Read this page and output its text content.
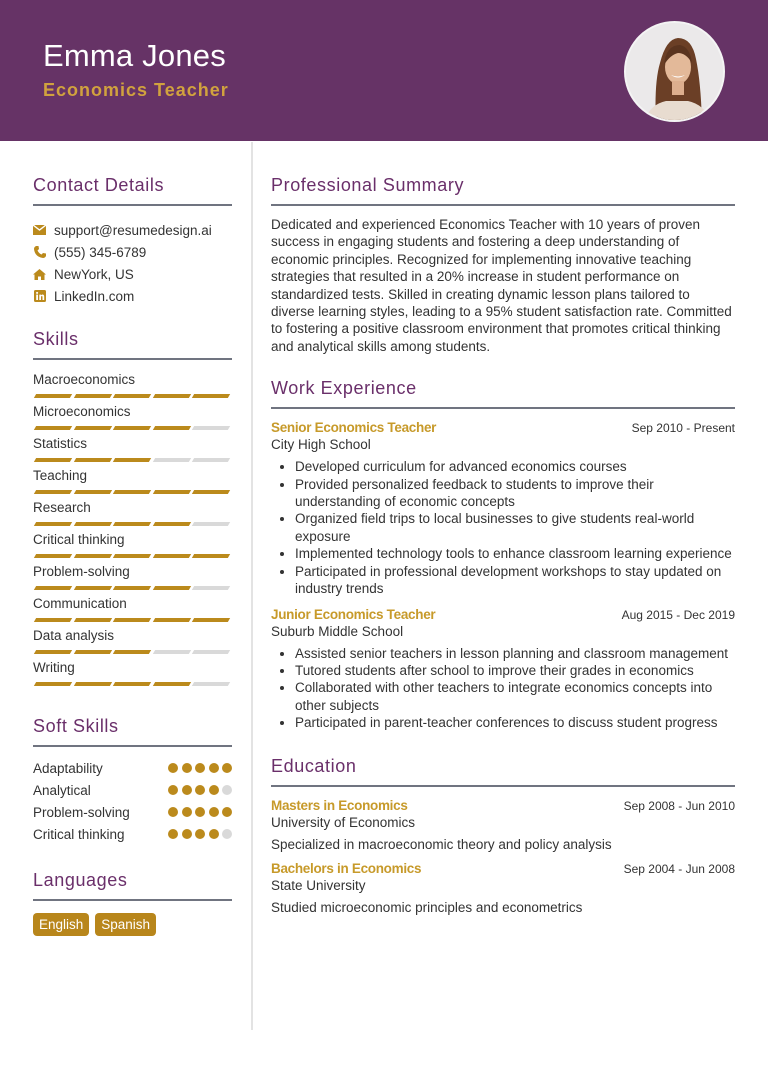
Emma Jones
Economics Teacher
Contact Details
support@resumedesign.ai
(555) 345-6789
NewYork, US
LinkedIn.com
Skills
Macroeconomics
Microeconomics
Statistics
Teaching
Research
Critical thinking
Problem-solving
Communication
Data analysis
Writing
Soft Skills
Adaptability
Analytical
Problem-solving
Critical thinking
Languages
English	Spanish
Professional Summary

Dedicated and experienced Economics Teacher with 10 years of proven success in engaging students and fostering a deep understanding of economic principles. Recognized for implementing innovative teaching strategies that resulted in a 20% increase in student performance on standardized tests. Skilled in creating dynamic lesson plans tailored to diverse learning styles, leading to a 95% student satisfaction rate. Committed to fostering a positive classroom environment that promotes critical thinking and analytical skills among students.

Work Experience
Senior Economics Teacher	Sep 2010 - Present
City High School
• Developed curriculum for advanced economics courses
• Provided personalized feedback to students to improve their understanding of economic concepts
• Organized field trips to local businesses to give students real-world exposure
• Implemented technology tools to enhance classroom learning experience
• Participated in professional development workshops to stay updated on industry trends
Junior Economics Teacher	Aug 2015 - Dec 2019
Suburb Middle School
• Assisted senior teachers in lesson planning and classroom management
• Tutored students after school to improve their grades in economics
• Collaborated with other teachers to integrate economics concepts into other subjects
• Participated in parent-teacher conferences to discuss student progress
Education
Masters in Economics	Sep 2008 - Jun 2010
University of Economics
Specialized in macroeconomic theory and policy analysis
Bachelors in Economics	Sep 2004 - Jun 2008
State University
Studied microeconomic principles and econometrics
